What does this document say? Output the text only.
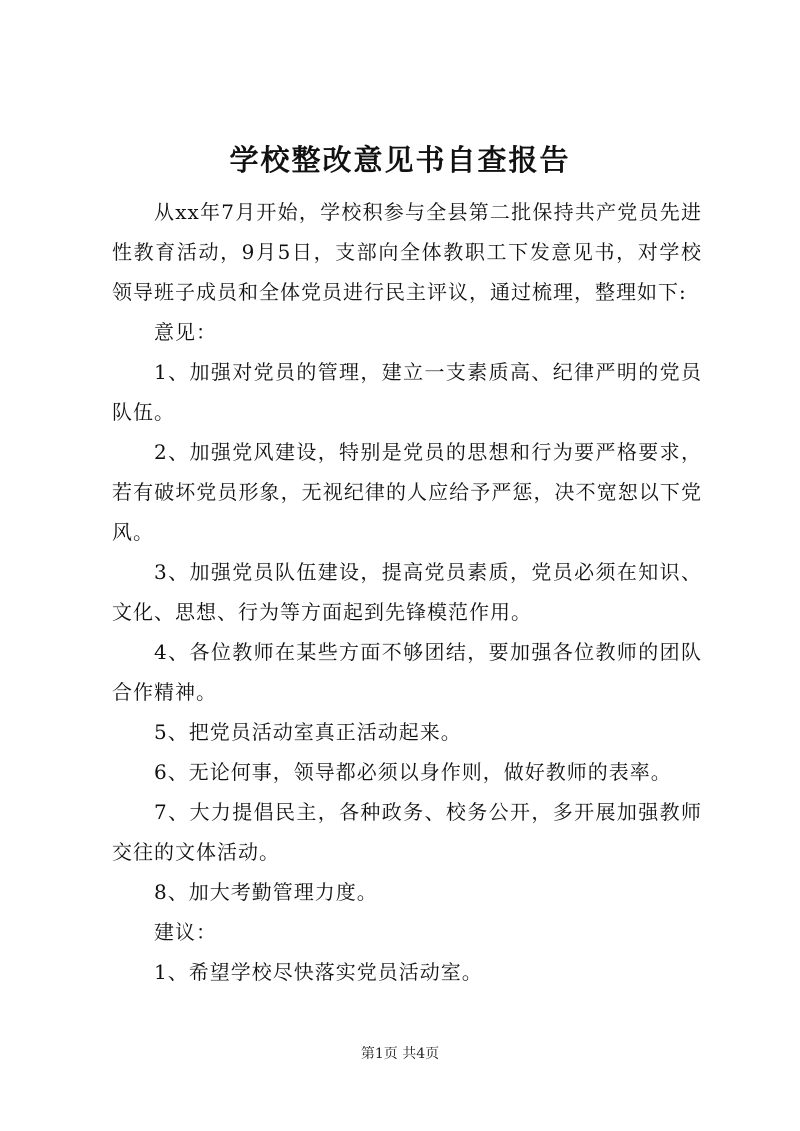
学校整改意见书自查报告

从xx年7月开始，学校积参与全县第二批保持共产党员先进性教育活动，9月5日，支部向全体教职工下发意见书，对学校领导班子成员和全体党员进行民主评议，通过梳理，整理如下:

意见：

1、加强对党员的管理，建立一支素质高、纪律严明的党员队伍。

2、加强党风建设，特别是党员的思想和行为要严格要求，若有破坏党员形象，无视纪律的人应给予严惩，决不宽恕以下党风。

3、加强党员队伍建设，提高党员素质，党员必须在知识、文化、思想、行为等方面起到先锋模范作用。

4、各位教师在某些方面不够团结，要加强各位教师的团队合作精神。

5、把党员活动室真正活动起来。

6、无论何事，领导都必须以身作则，做好教师的表率。

7、大力提倡民主，各种政务、校务公开，多开展加强教师交往的文体活动。

8、加大考勤管理力度。

建议：

1、希望学校尽快落实党员活动室。

第1页 共4页
